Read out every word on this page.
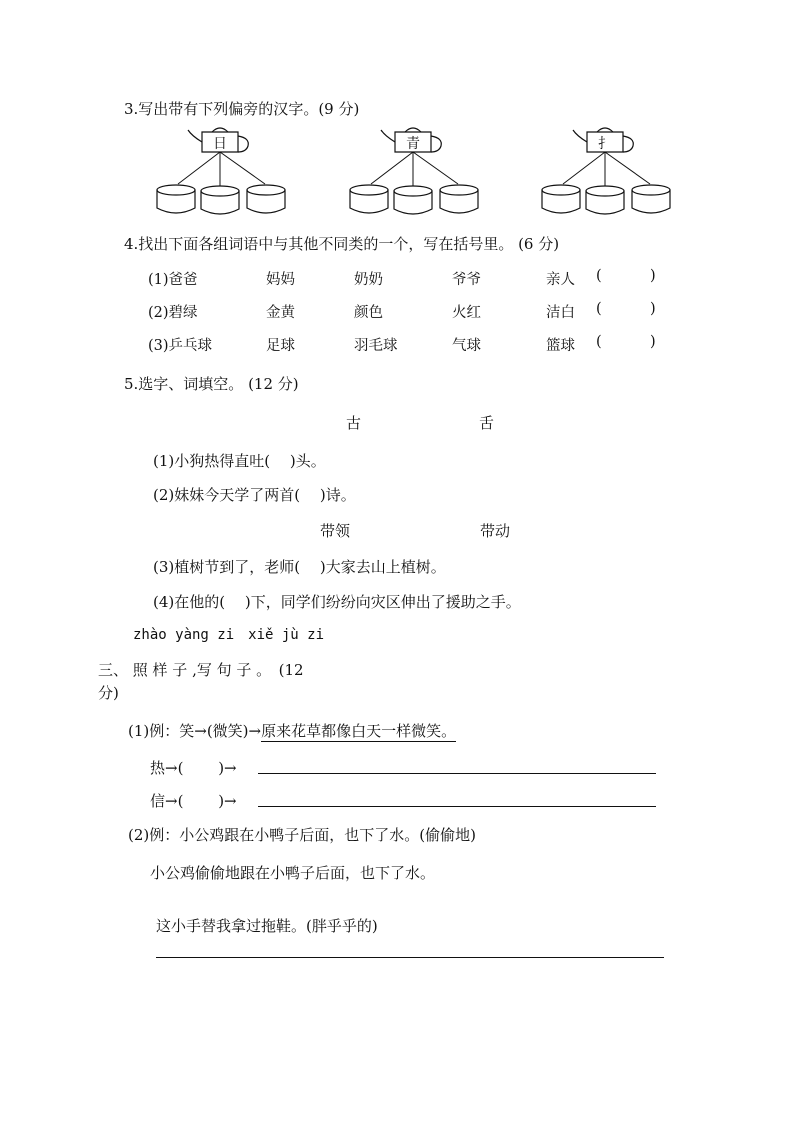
3.写出带有下列偏旁的汉字。(9 分)
日	青	扌
4.找出下面各组词语中与其他不同类的一个，写在括号里。 (6 分)
(1)爸爸	妈妈	奶奶	爷爷	亲人 (	)
(2)碧绿	金黄	颜色	火红	洁白 (	)
(3)乒乓球	足球	羽毛球	气球	篮球 (	)
5.选字、词填空。 (12 分)
古	舌
(1)小狗热得直吐(　 )头。
(2)妹妹今天学了两首(　 )诗。
带领	带动
(3)植树节到了，老师(　 )大家去山上植树。
(4)在他的(　 )下，同学们纷纷向灾区伸出了援助之手。
zhào yàng zi　xiě jù zi
三、 照 样 子 ,写 句 子 。　(12
分)
(1)例：笑→(微笑)→原来花草都像白天一样微笑。
热→(　　 )→
信→(　　 )→
(2)例：小公鸡跟在小鸭子后面，也下了水。(偷偷地)
小公鸡偷偷地跟在小鸭子后面，也下了水。
这小手替我拿过拖鞋。(胖乎乎的)
